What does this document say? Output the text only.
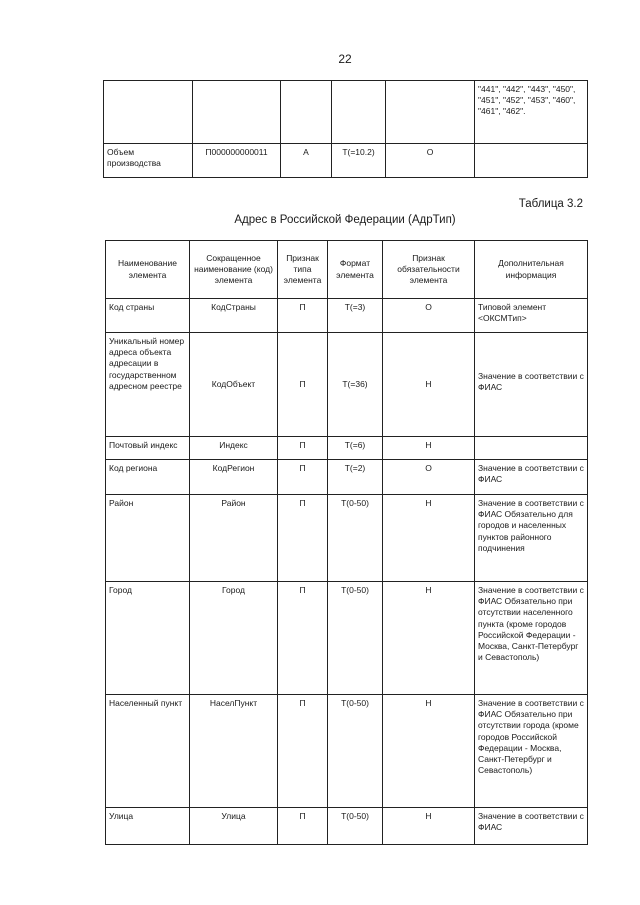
22
					"441", "442", "443", "450", "451", "452", "453", "460", "461", "462".
Объем производства	П000000000011	А	Т(=10.2)	О	
Таблица 3.2
Адрес в Российской Федерации (АдрТип)
Наименование элемента	Сокращенное наименование (код) элемента	Признак типа элемента	Формат элемента	Признак обязательности элемента	Дополнительная информация
Код страны	КодСтраны	П	Т(=3)	О	Типовой элемент <ОКСМТип>
Уникальный номер адреса объекта адресации в государственном адресном реестре	КодОбъект	П	Т(=36)	Н	Значение в соответствии с ФИАС
Почтовый индекс	Индекс	П	Т(=6)	Н	
Код региона	КодРегион	П	Т(=2)	О	Значение в соответствии с ФИАС
Район	Район	П	Т(0-50)	Н	Значение в соответствии с ФИАС Обязательно для городов и населенных пунктов районного подчинения
Город	Город	П	Т(0-50)	Н	Значение в соответствии с ФИАС Обязательно при отсутствии населенного пункта (кроме городов Российской Федерации - Москва, Санкт-Петербург и Севастополь)
Населенный пункт	НаселПункт	П	Т(0-50)	Н	Значение в соответствии с ФИАС Обязательно при отсутствии города (кроме городов Российской Федерации - Москва, Санкт-Петербург и Севастополь)
Улица	Улица	П	Т(0-50)	Н	Значение в соответствии с ФИАС
